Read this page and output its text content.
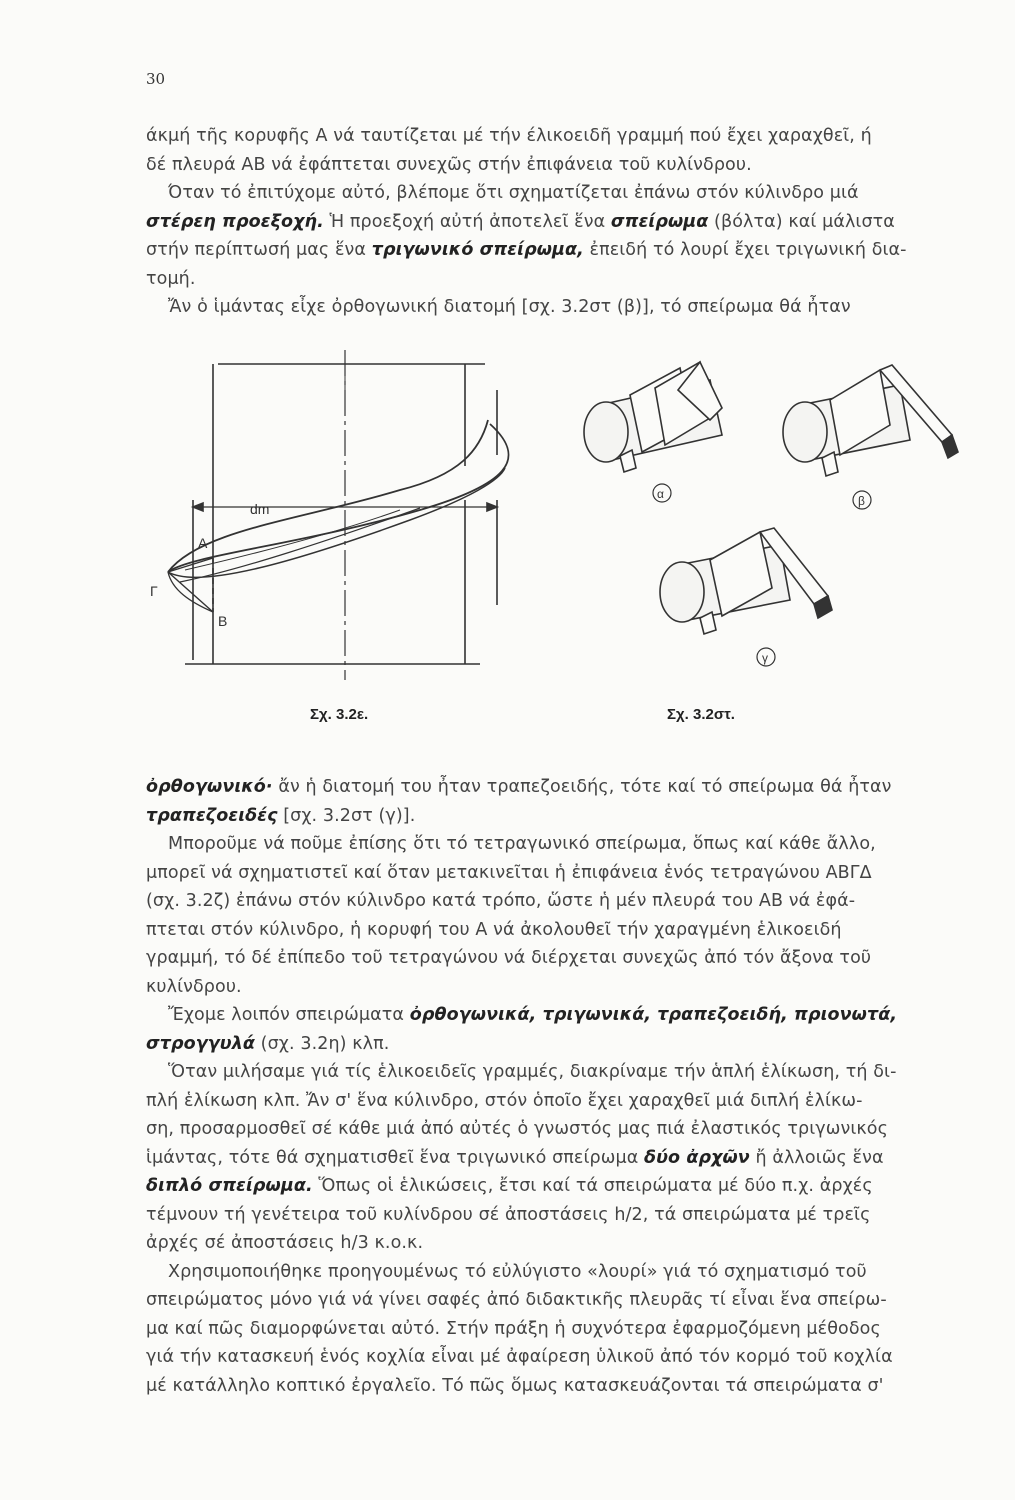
30
άκμή τῆς κορυφῆς Α νά ταυτίζεται μέ τήν έλικοειδῆ γραμμή πού ἔχει χαραχθεῖ, ή
δέ πλευρά ΑΒ νά ἐφάπτεται συνεχῶς στήν ἐπιφάνεια τοῦ κυλίνδρου.
Όταν τό ἐπιτύχομε αὐτό, βλέπομε ὅτι σχηματίζεται ἐπάνω στόν κύλινδρο μιά
στέρεη προεξοχή. Ἡ προεξοχή αὐτή ἀποτελεῖ ἕνα σπείρωμα (βόλτα) καί μάλιστα
στήν περίπτωσή μας ἕνα τριγωνικό σπείρωμα, ἐπειδή τό λουρί ἔχει τριγωνική δια-
τομή.
Ἄν ὁ ἱμάντας εἶχε ὀρθογωνική διατομή [σχ. 3.2στ (β)], τό σπείρωμα θά ἦταν
dm
A
B
Γ
α	β
γ
Σχ. 3.2ε.	Σχ. 3.2στ.
ὀρθογωνικό· ἄν ἡ διατομή του ἦταν τραπεζοειδής, τότε καί τό σπείρωμα θά ἦταν
τραπεζοειδές [σχ. 3.2στ (γ)].
Μποροῦμε νά ποῦμε ἐπίσης ὅτι τό τετραγωνικό σπείρωμα, ὅπως καί κάθε ἄλλο,
μπορεῖ νά σχηματιστεῖ καί ὅταν μετακινεῖται ἡ ἐπιφάνεια ἑνός τετραγώνου ΑΒΓΔ
(σχ. 3.2ζ) ἐπάνω στόν κύλινδρο κατά τρόπο, ὥστε ἡ μέν πλευρά του ΑΒ νά ἐφά-
πτεται στόν κύλινδρο, ἡ κορυφή του Α νά ἀκολουθεῖ τήν χαραγμένη ἑλικοειδή
γραμμή, τό δέ ἐπίπεδο τοῦ τετραγώνου νά διέρχεται συνεχῶς ἀπό τόν ἄξονα τοῦ
κυλίνδρου.
Ἔχομε λοιπόν σπειρώματα ὀρθογωνικά, τριγωνικά, τραπεζοειδή, πριονωτά,
στρογγυλά (σχ. 3.2η) κλπ.
Ὅταν μιλήσαμε γιά τίς ἑλικοειδεῖς γραμμές, διακρίναμε τήν ἁπλή ἑλίκωση, τή δι-
πλή ἑλίκωση κλπ. Ἄν σ' ἕνα κύλινδρο, στόν ὁποῖο ἔχει χαραχθεῖ μιά διπλή ἑλίκω-
ση, προσαρμοσθεῖ σέ κάθε μιά ἀπό αὐτές ὁ γνωστός μας πιά ἐλαστικός τριγωνικός
ἱμάντας, τότε θά σχηματισθεῖ ἕνα τριγωνικό σπείρωμα δύο ἀρχῶν ἤ ἀλλοιῶς ἕνα
διπλό σπείρωμα. Ὅπως οἱ ἑλικώσεις, ἔτσι καί τά σπειρώματα μέ δύο π.χ. ἀρχές
τέμνουν τή γενέτειρα τοῦ κυλίνδρου σέ ἀποστάσεις h/2, τά σπειρώματα μέ τρεῖς
ἀρχές σέ ἀποστάσεις h/3 κ.ο.κ.
Χρησιμοποιήθηκε προηγουμένως τό εὐλύγιστο «λουρί» γιά τό σχηματισμό τοῦ
σπειρώματος μόνο γιά νά γίνει σαφές ἀπό διδακτικῆς πλευρᾶς τί εἶναι ἕνα σπείρω-
μα καί πῶς διαμορφώνεται αὐτό. Στήν πράξη ἡ συχνότερα ἐφαρμοζόμενη μέθοδος
γιά τήν κατασκευή ἑνός κοχλία εἶναι μέ ἀφαίρεση ὑλικοῦ ἀπό τόν κορμό τοῦ κοχλία
μέ κατάλληλο κοπτικό ἐργαλεῖο. Τό πῶς ὅμως κατασκευάζονται τά σπειρώματα σ'
